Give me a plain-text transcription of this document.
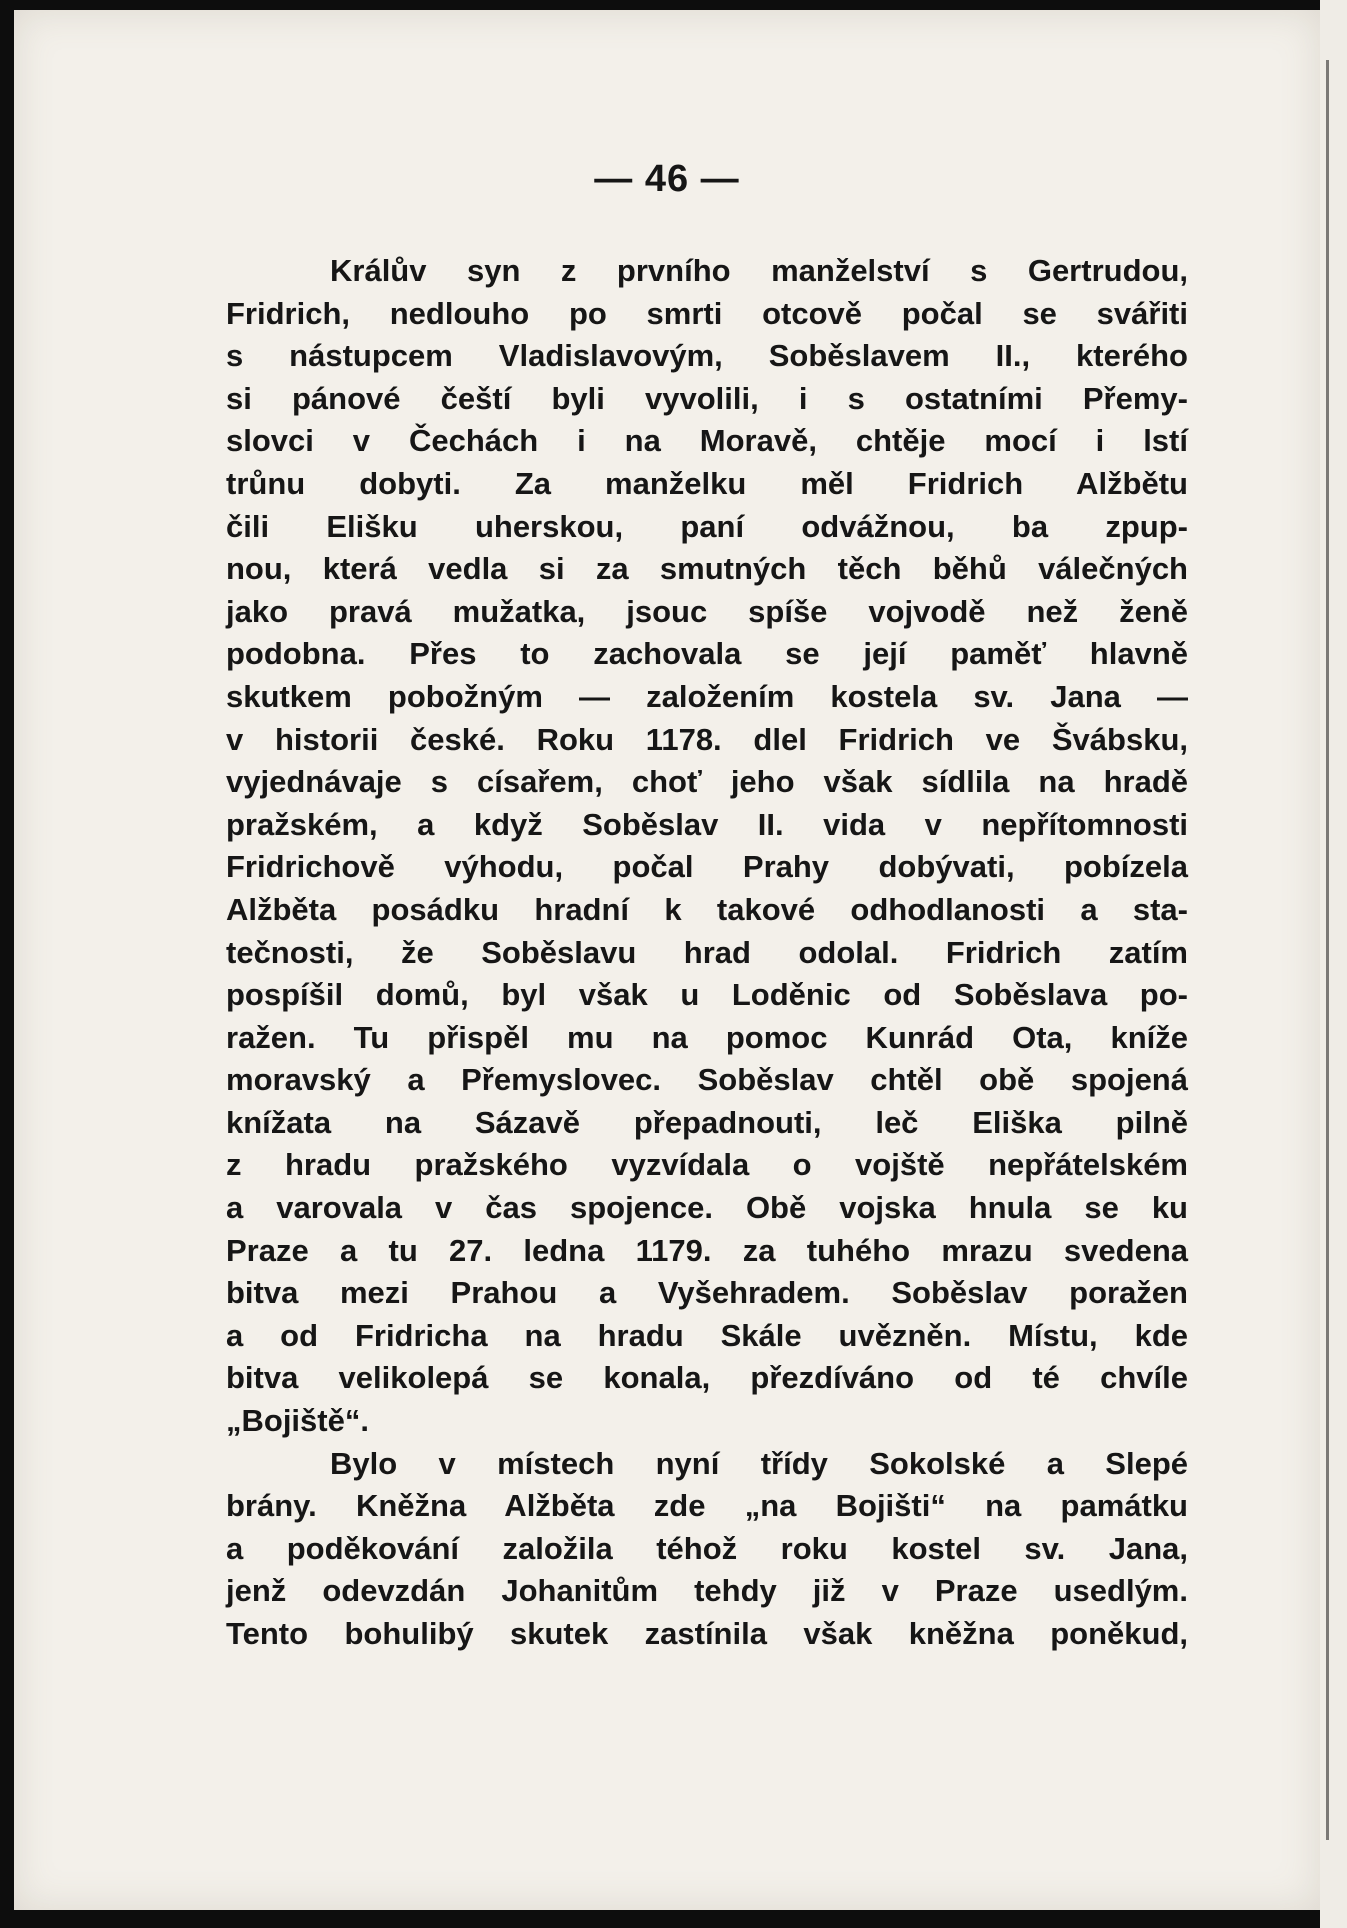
— 46 —
Králův syn z prvního manželství s Gertrudou,
Fridrich, nedlouho po smrti otcově počal se svářiti
s nástupcem Vladislavovým, Soběslavem II., kterého
si pánové čeští byli vyvolili, i s ostatními Přemy-
slovci v Čechách i na Moravě, chtěje mocí i lstí
trůnu dobyti. Za manželku měl Fridrich Alžbětu
čili Elišku uherskou, paní odvážnou, ba zpup-
nou, která vedla si za smutných těch běhů válečných
jako pravá mužatka, jsouc spíše vojvodě než ženě
podobna. Přes to zachovala se její paměť hlavně
skutkem pobožným — založením kostela sv. Jana —
v historii české. Roku 1178. dlel Fridrich ve Švábsku,
vyjednávaje s císařem, choť jeho však sídlila na hradě
pražském, a když Soběslav II. vida v nepřítomnosti
Fridrichově výhodu, počal Prahy dobývati, pobízela
Alžběta posádku hradní k takové odhodlanosti a sta-
tečnosti, že Soběslavu hrad odolal. Fridrich zatím
pospíšil domů, byl však u Loděnic od Soběslava po-
ražen. Tu přispěl mu na pomoc Kunrád Ota, kníže
moravský a Přemyslovec. Soběslav chtěl obě spojená
knížata na Sázavě přepadnouti, leč Eliška pilně
z hradu pražského vyzvídala o vojště nepřátelském
a varovala v čas spojence. Obě vojska hnula se ku
Praze a tu 27. ledna 1179. za tuhého mrazu svedena
bitva mezi Prahou a Vyšehradem. Soběslav poražen
a od Fridricha na hradu Skále uvězněn. Místu, kde
bitva velikolepá se konala, přezdíváno od té chvíle
„Bojiště“.
Bylo v místech nyní třídy Sokolské a Slepé
brány. Kněžna Alžběta zde „na Bojišti“ na památku
a poděkování založila téhož roku kostel sv. Jana,
jenž odevzdán Johanitům tehdy již v Praze usedlým.
Tento bohulibý skutek zastínila však kněžna poněkud,
